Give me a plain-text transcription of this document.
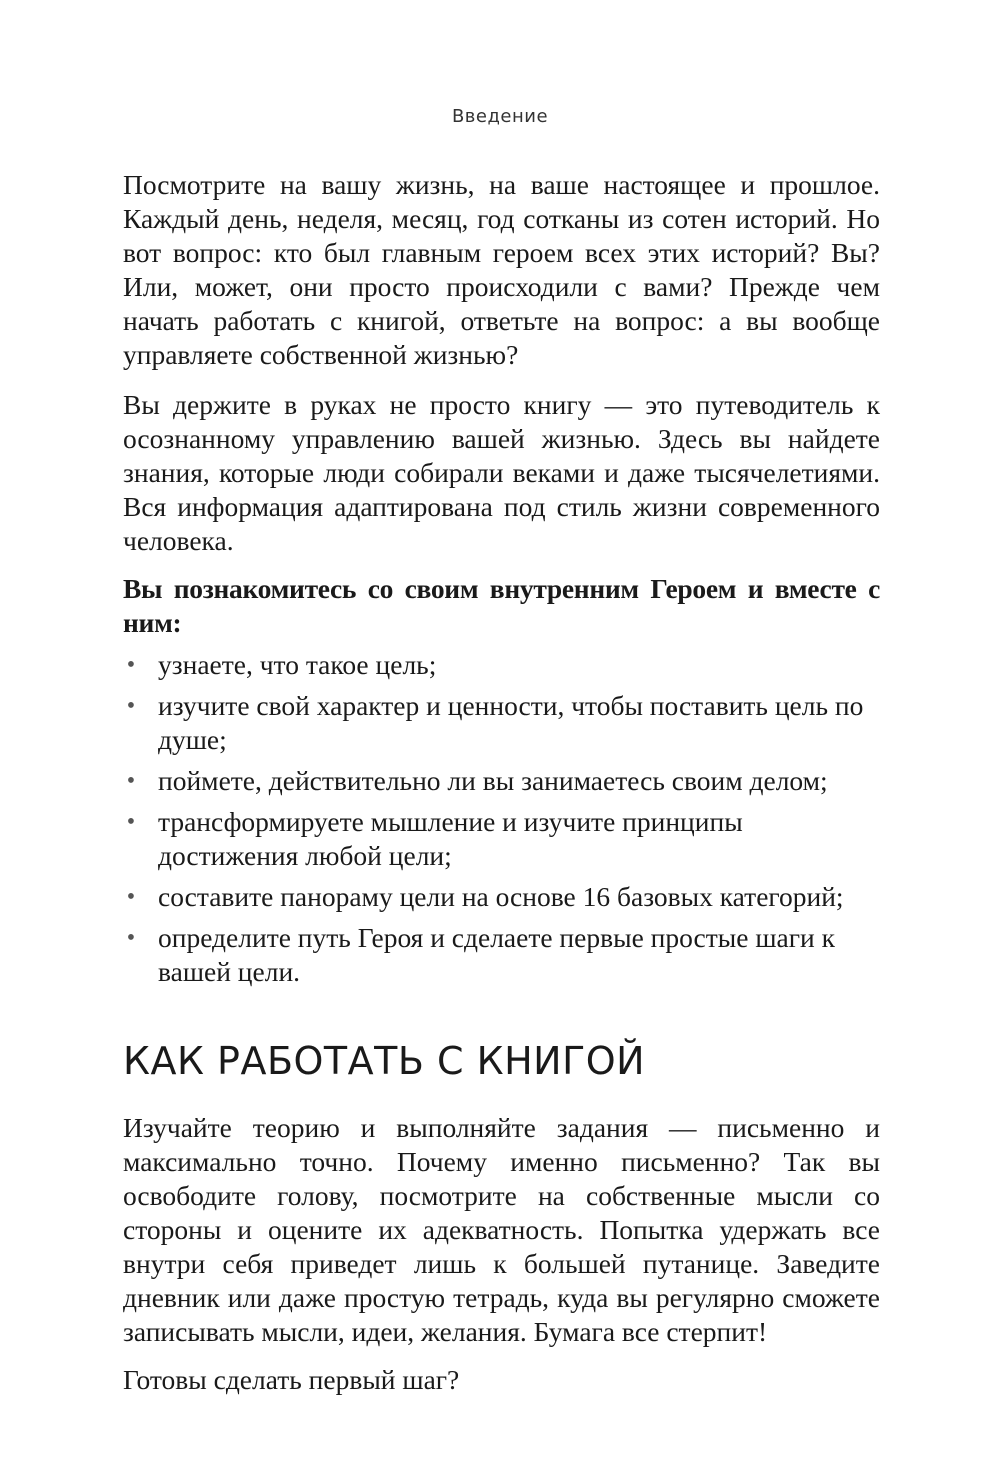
Введение

Посмотрите на вашу жизнь, на ваше настоящее и прошлое. Каждый день, неделя, месяц, год сотканы из сотен историй. Но вот вопрос: кто был главным героем всех этих историй? Вы? Или, может, они просто происходили с вами? Прежде чем начать работать с книгой, ответьте на вопрос: а вы вообще управляете собственной жизнью?

Вы держите в руках не просто книгу — это путеводитель к осознанному управлению вашей жизнью. Здесь вы найдете знания, которые люди собирали веками и даже тысячелетиями. Вся информация адаптирована под стиль жизни современного человека.

Вы познакомитесь со своим внутренним Героем и вместе с ним:

• узнаете, что такое цель;
• изучите свой характер и ценности, чтобы поставить цель по душе;
• поймете, действительно ли вы занимаетесь своим делом;
• трансформируете мышление и изучите принципы достижения любой цели;
• составите панораму цели на основе 16 базовых категорий;
• определите путь Героя и сделаете первые простые шаги к вашей цели.
КАК РАБОТАТЬ С КНИГОЙ

Изучайте теорию и выполняйте задания — письменно и максимально точно. Почему именно письменно? Так вы освободите голову, посмотрите на собственные мысли со стороны и оцените их адекватность. Попытка удержать все внутри себя приведет лишь к большей путанице. Заведите дневник или даже простую тетрадь, куда вы регулярно сможете записывать мысли, идеи, желания. Бумага все стерпит!

Готовы сделать первый шаг?
